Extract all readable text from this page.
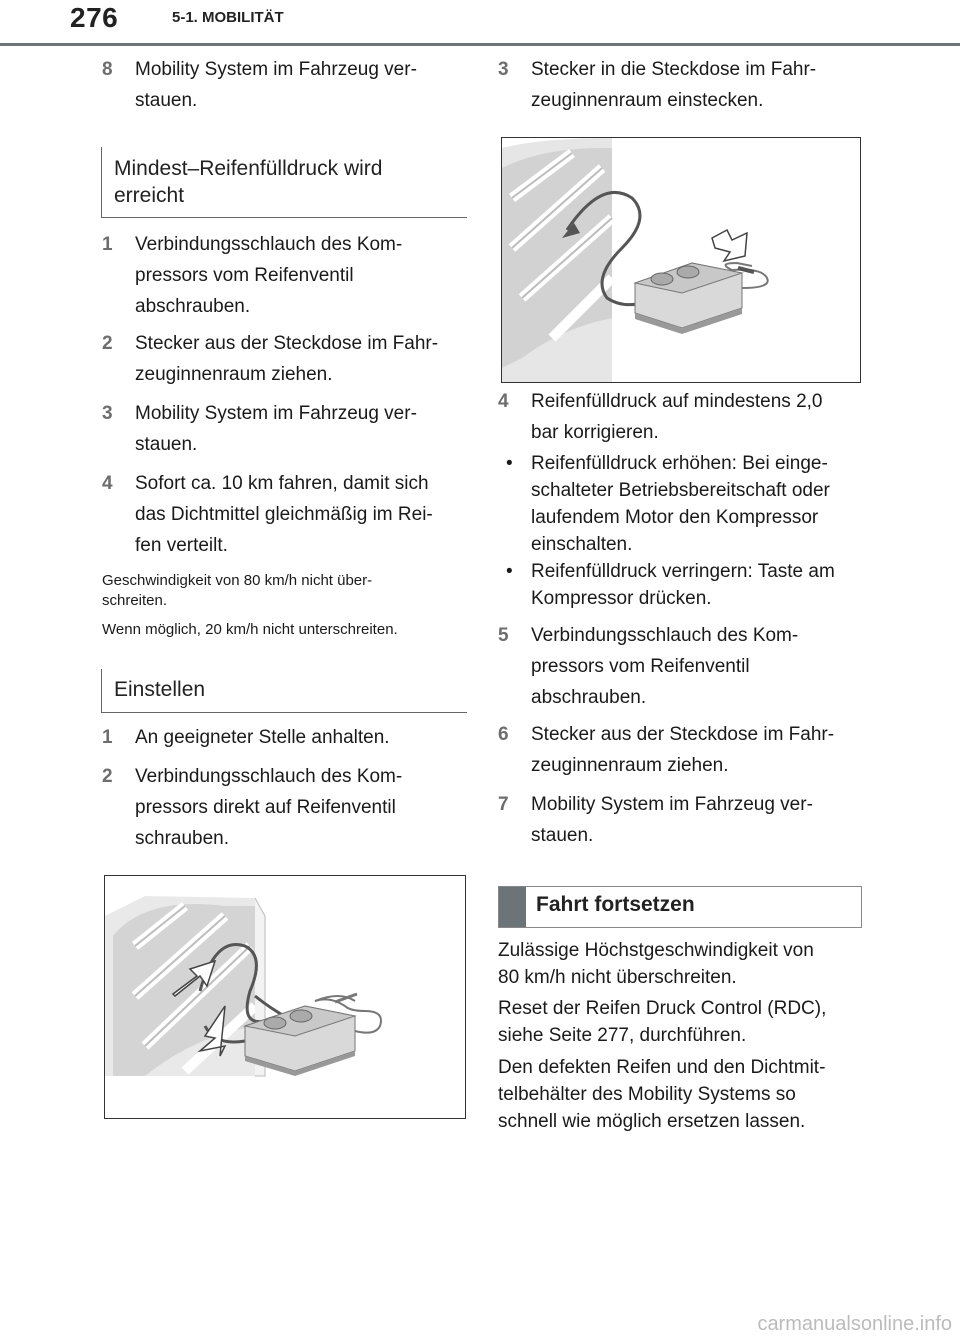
276	5-1. MOBILITÄT
8 Mobility System im Fahrzeug ver-
stauen.
Mindest–Reifenfülldruck wird
erreicht
1 Verbindungsschlauch des Kom-
pressors vom Reifenventil
abschrauben.
2 Stecker aus der Steckdose im Fahr-
zeuginnenraum ziehen.
3 Mobility System im Fahrzeug ver-
stauen.
4 Sofort ca. 10 km fahren, damit sich
das Dichtmittel gleichmäßig im Rei-
fen verteilt.
Geschwindigkeit von 80 km/h nicht über-
schreiten.
Wenn möglich, 20 km/h nicht unterschreiten.
Einstellen
1 An geeigneter Stelle anhalten.
2 Verbindungsschlauch des Kom-
pressors direkt auf Reifenventil
schrauben.
3 Stecker in die Steckdose im Fahr-
zeuginnenraum einstecken.
4 Reifenfülldruck auf mindestens 2,0
bar korrigieren.
• Reifenfülldruck erhöhen: Bei einge-
schalteter Betriebsbereitschaft oder
laufendem Motor den Kompressor
einschalten.
• Reifenfülldruck verringern: Taste am
Kompressor drücken.
5 Verbindungsschlauch des Kom-
pressors vom Reifenventil
abschrauben.
6 Stecker aus der Steckdose im Fahr-
zeuginnenraum ziehen.
7 Mobility System im Fahrzeug ver-
stauen.
Fahrt fortsetzen
Zulässige Höchstgeschwindigkeit von
80 km/h nicht überschreiten.
Reset der Reifen Druck Control (RDC),
siehe Seite 277, durchführen.
Den defekten Reifen und den Dichtmit-
telbehälter des Mobility Systems so
schnell wie möglich ersetzen lassen.
carmanualsonline.info
